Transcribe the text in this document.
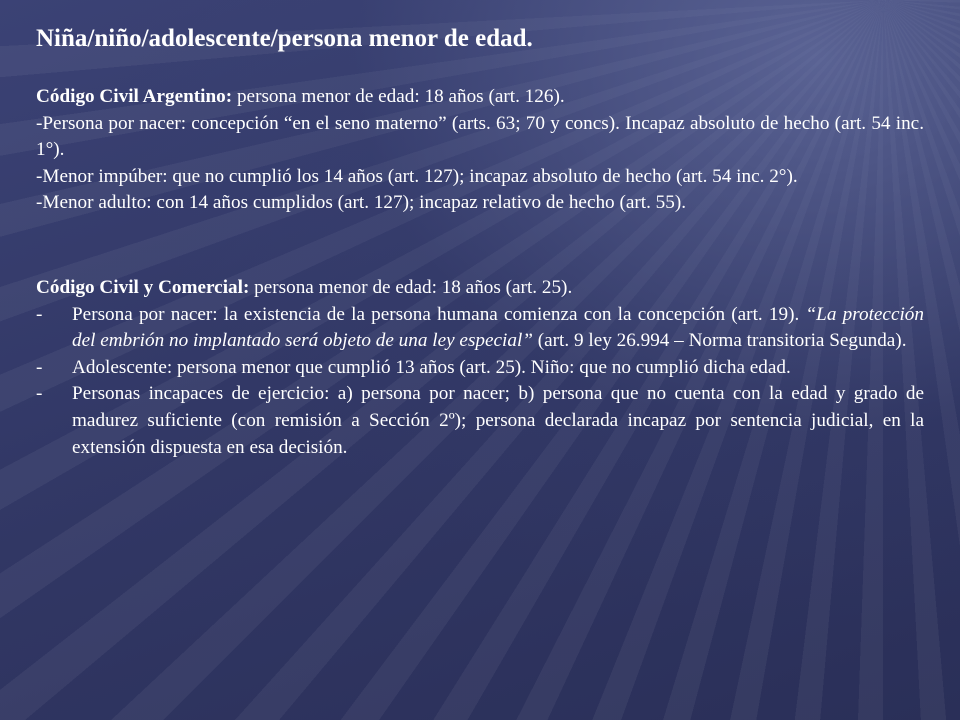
Niña/niño/adolescente/persona menor de edad.

Código Civil Argentino: persona menor de edad: 18 años (art. 126).

-Persona por nacer: concepción “en el seno materno” (arts. 63; 70 y concs). Incapaz absoluto de hecho (art. 54 inc. 1°).

-Menor impúber: que no cumplió los 14 años (art. 127); incapaz absoluto de hecho (art. 54 inc. 2°).

-Menor adulto: con 14 años cumplidos (art. 127); incapaz relativo de hecho (art. 55).

Código Civil y Comercial: persona menor de edad: 18 años (art. 25).

-	Persona por nacer: la existencia de la persona humana comienza con la concepción (art. 19). “La protección del embrión no implantado será objeto de una ley especial” (art. 9 ley 26.994 – Norma transitoria Segunda).
-	Adolescente: persona menor que cumplió 13 años (art. 25). Niño: que no cumplió dicha edad.
-	Personas incapaces de ejercicio: a) persona por nacer; b) persona que no cuenta con la edad y grado de madurez suficiente (con remisión a Sección 2º); persona declarada incapaz por sentencia judicial, en la extensión dispuesta en esa decisión.
